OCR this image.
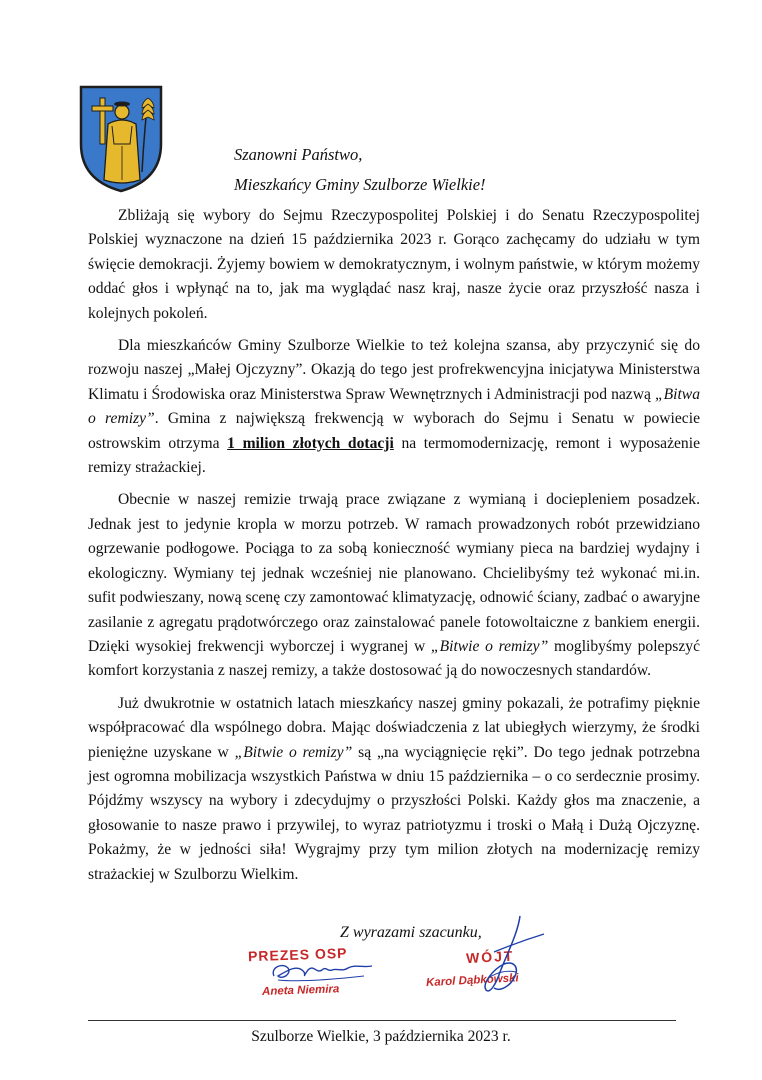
Szanowni Państwo,
Mieszkańcy Gminy Szulborze Wielkie!

Zbliżają się wybory do Sejmu Rzeczypospolitej Polskiej i do Senatu Rzeczypospolitej Polskiej wyznaczone na dzień 15 października 2023 r. Gorąco zachęcamy do udziału w tym święcie demokracji. Żyjemy bowiem w demokratycznym, i wolnym państwie, w którym możemy oddać głos i wpłynąć na to, jak ma wyglądać nasz kraj, nasze życie oraz przyszłość nasza i kolejnych pokoleń.

Dla mieszkańców Gminy Szulborze Wielkie to też kolejna szansa, aby przyczynić się do rozwoju naszej „Małej Ojczyzny”. Okazją do tego jest profrekwencyjna inicjatywa Ministerstwa Klimatu i Środowiska oraz Ministerstwa Spraw Wewnętrznych i Administracji pod nazwą „Bitwa o remizy”. Gmina z największą frekwencją w wyborach do Sejmu i Senatu w powiecie ostrowskim otrzyma 1 milion złotych dotacji na termomodernizację, remont i wyposażenie remizy strażackiej.

Obecnie w naszej remizie trwają prace związane z wymianą i dociepleniem posadzek. Jednak jest to jedynie kropla w morzu potrzeb. W ramach prowadzonych robót przewidziano ogrzewanie podłogowe. Pociąga to za sobą konieczność wymiany pieca na bardziej wydajny i ekologiczny. Wymiany tej jednak wcześniej nie planowano. Chcielibyśmy też wykonać mi.in. sufit podwieszany, nową scenę czy zamontować klimatyzację, odnowić ściany, zadbać o awaryjne zasilanie z agregatu prądotwórczego oraz zainstalować panele fotowoltaiczne z bankiem energii. Dzięki wysokiej frekwencji wyborczej i wygranej w „Bitwie o remizy” moglibyśmy polepszyć komfort korzystania z naszej remizy, a także dostosować ją do nowoczesnych standardów.

Już dwukrotnie w ostatnich latach mieszkańcy naszej gminy pokazali, że potrafimy pięknie współpracować dla wspólnego dobra. Mając doświadczenia z lat ubiegłych wierzymy, że środki pieniężne uzyskane w „Bitwie o remizy” są „na wyciągnięcie ręki”. Do tego jednak potrzebna jest ogromna mobilizacja wszystkich Państwa w dniu 15 października – o co serdecznie prosimy. Pójdźmy wszyscy na wybory i zdecydujmy o przyszłości Polski. Każdy głos ma znaczenie, a głosowanie to nasze prawo i przywilej, to wyraz patriotyzmu i troski o Małą i Dużą Ojczyznę. Pokażmy, że w jedności siła! Wygrajmy przy tym milion złotych na modernizację remizy strażackiej w Szulborzu Wielkim.

Z wyrazami szacunku,
PREZES OSP
Aneta Niemira
WÓJT
Karol Dąbkowski
Szulborze Wielkie, 3 października 2023 r.
